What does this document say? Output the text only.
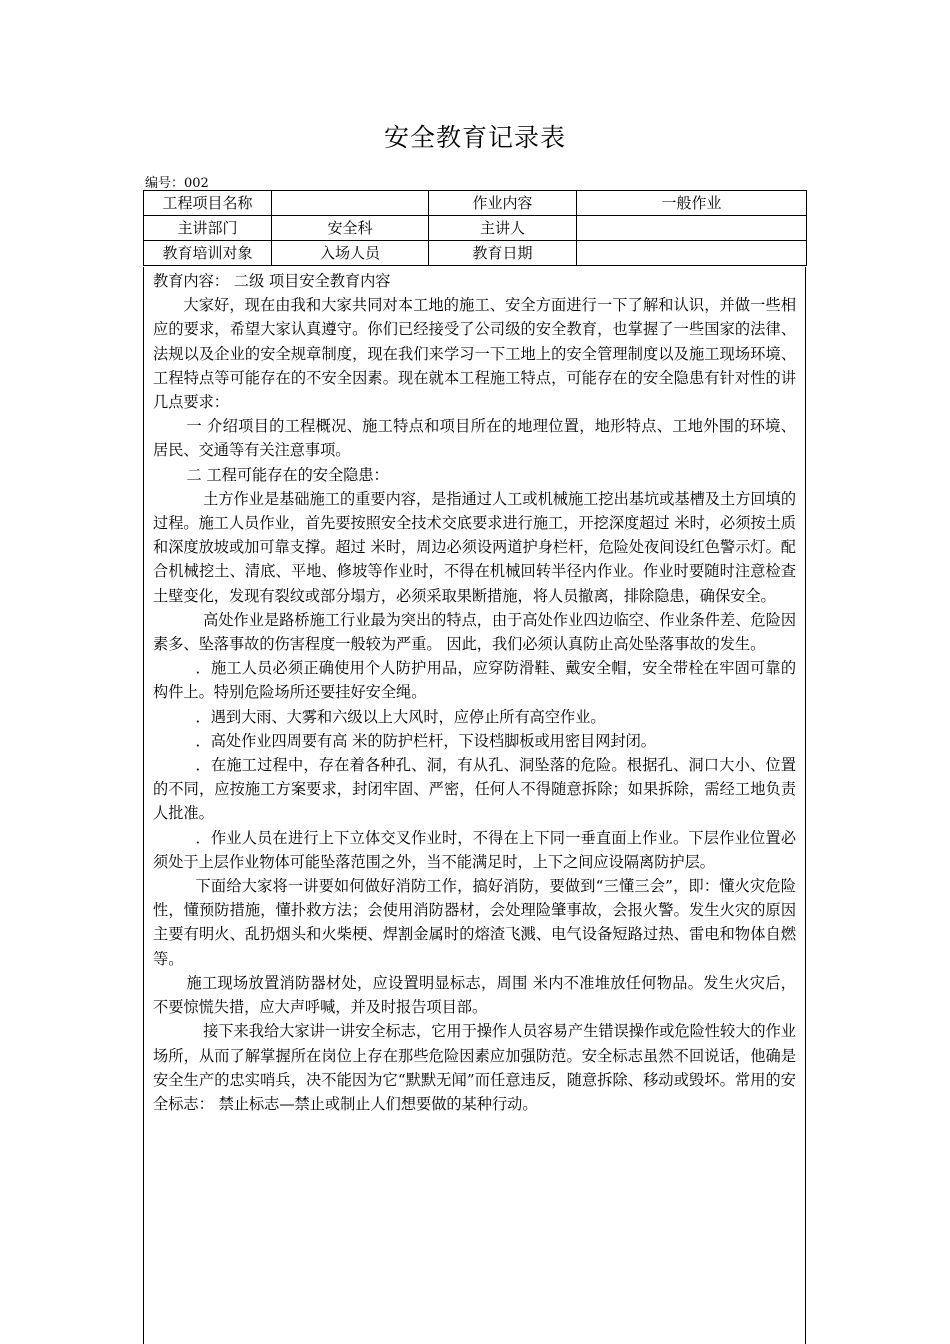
安全教育记录表
编号：002
工程项目名称		作业内容	一般作业
主讲部门	安全科	主讲人	
教育培训对象	入场人员	教育日期	

教育内容： 二级 项目安全教育内容

大家好，现在由我和大家共同对本工地的施工、安全方面进行一下了解和认识，并做一些相应的要求，希望大家认真遵守。你们已经接受了公司级的安全教育，也掌握了一些国家的法律、法规以及企业的安全规章制度，现在我们来学习一下工地上的安全管理制度以及施工现场环境、工程特点等可能存在的不安全因素。现在就本工程施工特点，可能存在的安全隐患有针对性的讲几点要求：

一 介绍项目的工程概况、施工特点和项目所在的地理位置，地形特点、工地外围的环境、居民、交通等有关注意事项。

二 工程可能存在的安全隐患：

土方作业是基础施工的重要内容，是指通过人工或机械施工挖出基坑或基槽及土方回填的过程。施工人员作业，首先要按照安全技术交底要求进行施工，开挖深度超过 米时，必须按土质和深度放坡或加可靠支撑。超过 米时，周边必须设两道护身栏杆，危险处夜间设红色警示灯。配合机械挖土、清底、平地、修坡等作业时，不得在机械回转半径内作业。作业时要随时注意检查土壁变化，发现有裂纹或部分塌方，必须采取果断措施，将人员撤离，排除隐患，确保安全。

高处作业是路桥施工行业最为突出的特点，由于高处作业四边临空、作业条件差、危险因素多、坠落事故的伤害程度一般较为严重。 因此，我们必须认真防止高处坠落事故的发生。

．施工人员必须正确使用个人防护用品，应穿防滑鞋、戴安全帽，安全带栓在牢固可靠的构件上。特别危险场所还要挂好安全绳。

．遇到大雨、大雾和六级以上大风时，应停止所有高空作业。

．高处作业四周要有高 米的防护栏杆，下设档脚板或用密目网封闭。

．在施工过程中，存在着各种孔、洞，有从孔、洞坠落的危险。根据孔、洞口大小、位置的不同，应按施工方案要求，封闭牢固、严密，任何人不得随意拆除；如果拆除，需经工地负责人批准。

．作业人员在进行上下立体交叉作业时，不得在上下同一垂直面上作业。下层作业位置必须处于上层作业物体可能坠落范围之外，当不能满足时，上下之间应设隔离防护层。

下面给大家将一讲要如何做好消防工作，搞好消防，要做到“三懂三会”，即：懂火灾危险性，懂预防措施，懂扑救方法；会使用消防器材，会处理险肇事故，会报火警。发生火灾的原因主要有明火、乱扔烟头和火柴梗、焊割金属时的熔渣飞溅、电气设备短路过热、雷电和物体自燃等。

施工现场放置消防器材处，应设置明显标志，周围 米内不准堆放任何物品。发生火灾后，不要惊慌失措，应大声呼喊，并及时报告项目部。

接下来我给大家讲一讲安全标志，它用于操作人员容易产生错误操作或危险性较大的作业场所，从而了解掌握所在岗位上存在那些危险因素应加强防范。安全标志虽然不回说话，他确是安全生产的忠实哨兵，决不能因为它“默默无闻”而任意违反，随意拆除、移动或毁坏。常用的安全标志： 禁止标志—禁止或制止人们想要做的某种行动。
